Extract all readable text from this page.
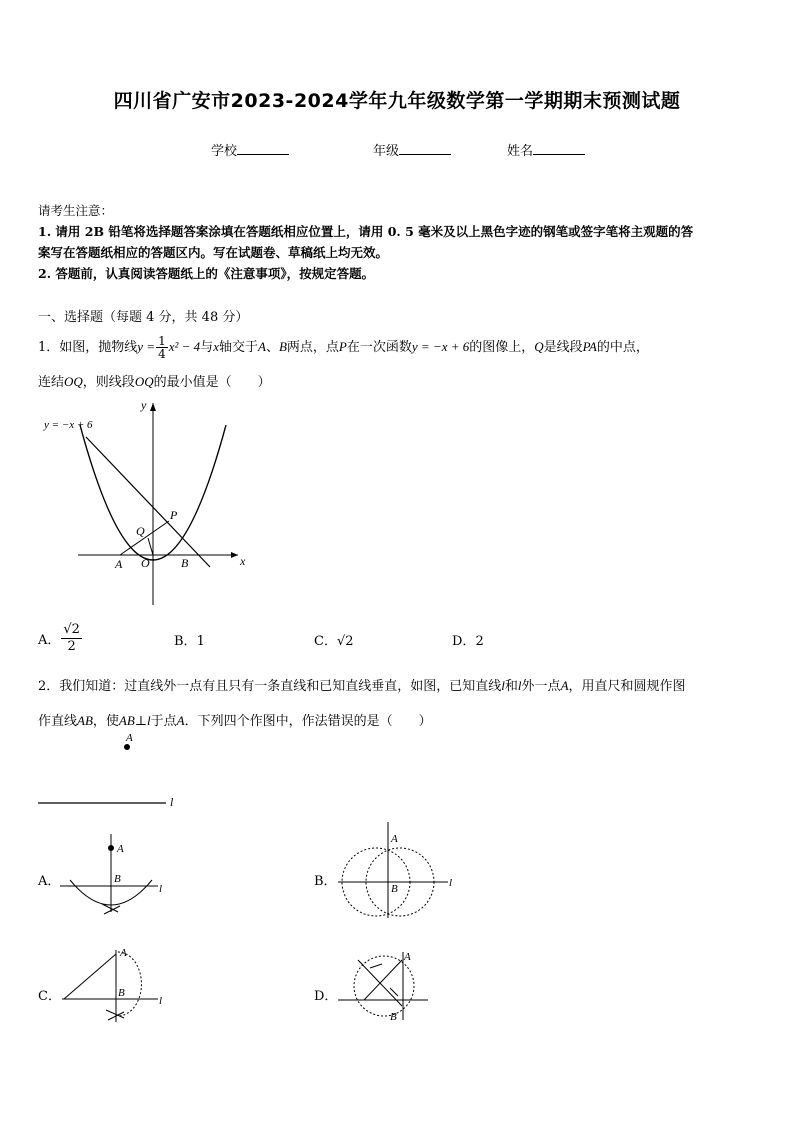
四川省广安市2023-2024学年九年级数学第一学期期末预测试题
学校	年级	姓名
请考生注意：
1. 请用 2B 铅笔将选择题答案涂填在答题纸相应位置上，请用 0. 5 毫米及以上黑色字迹的钢笔或签字笔将主观题的答
案写在答题纸相应的答题区内。写在试题卷、草稿纸上均无效。
2. 答题前，认真阅读答题纸上的《注意事项》，按规定答题。
一、选择题（每题 4 分，共 48 分）
1．如图，抛物线$y = \frac{1}{4} x^2 - 4$与x轴交于A、B两点，点P在一次函数y = −x + 6的图像上，Q是线段PA的中点，
连结OQ，则线段OQ的最小值是（　　）
y = −x + 6
y
x
P
Q
A O	B
A． $\frac{√2}{2}$	B．1	C．√2	D．2
2．我们知道：过直线外一点有且只有一条直线和已知直线垂直，如图，已知直线l和l外一点A，用直尺和圆规作图
作直线AB，使AB⊥l于点A．下列四个作图中，作法错误的是（　　）
A
l
A．
A
B
l	B．
A
B	l
C．
A
B
l	D．
A
B
